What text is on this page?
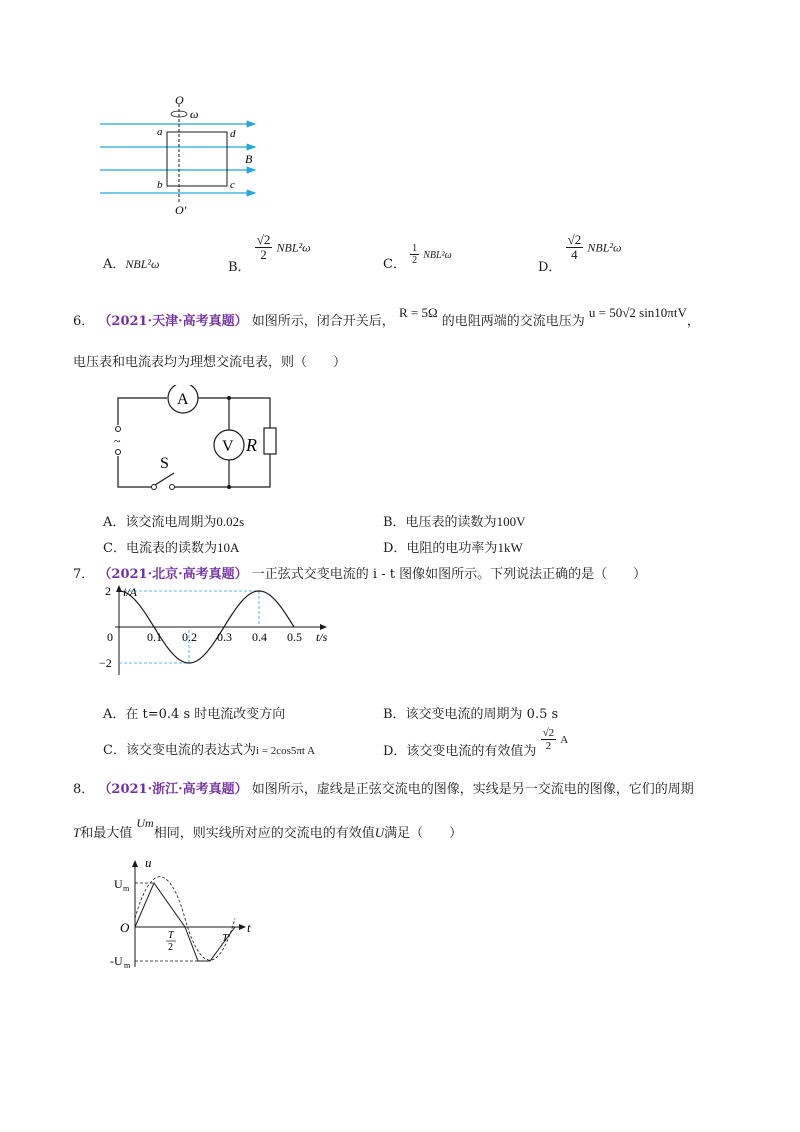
O
ω
O′
a
b	c
d
B
A．NBL²ω	B．
$\frac{√2}{2} NBL^2\omega$
C． $\frac{1}{2} NBL^2\omega$
D．
$\frac{√2}{4} NBL^2\omega$
6． （2021·天津·高考真题） 如图所示，闭合开关后， R = 5Ω 的电阻两端的交流电压为 u = 50√2 sin10πtV，
电压表和电流表均为理想交流电表，则（　　）
A
V R
S
~
A．该交流电周期为0.02s	B．电压表的读数为100V
C．电流表的读数为10A	D．电阻的电功率为1kW
7． （2021·北京·高考真题） 一正弦式交变电流的 i - t 图像如图所示。下列说法正确的是（　　）
0	0.1 0.2 0.3 0.4 0.5
2
−2
i/A
t/s
A．在 t=0.4 s 时电流改变方向	B．该交变电流的周期为 0.5 s
C．该交变电流的表达式为i = 2cos5πt A	D．该交变电流的有效值为 $\frac{√2}{2}$ A
8． （2021·浙江·高考真题） 如图所示，虚线是正弦交流电的图像，实线是另一交流电的图像，它们的周期
T和最大值 Um相同，则实线所对应的交流电的有效值U满足（　　）
u
t
O
U m
-U m
T
2
T
